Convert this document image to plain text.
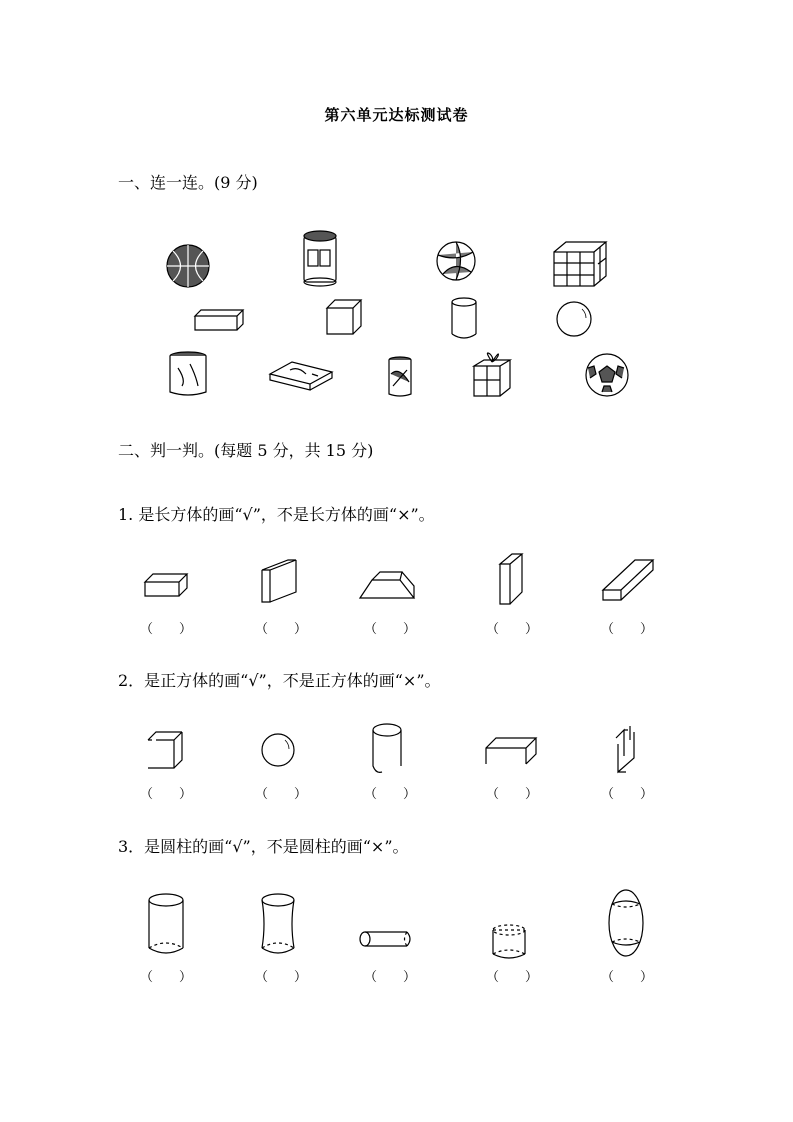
第六单元达标测试卷
一、连一连。(9 分)
二、判一判。(每题 5 分，共 15 分)
1. 是长方体的画“√”，不是长方体的画“×”。
（　　）	（　　）	（　　）	（　　）	（　　）
2．是正方体的画“√”，不是正方体的画“×”。
（　　）	（　　）	（　　）	（　　）	（　　）
3．是圆柱的画“√”，不是圆柱的画“×”。
（　　）	（　　）	（　　）	（　　）	（　　）
